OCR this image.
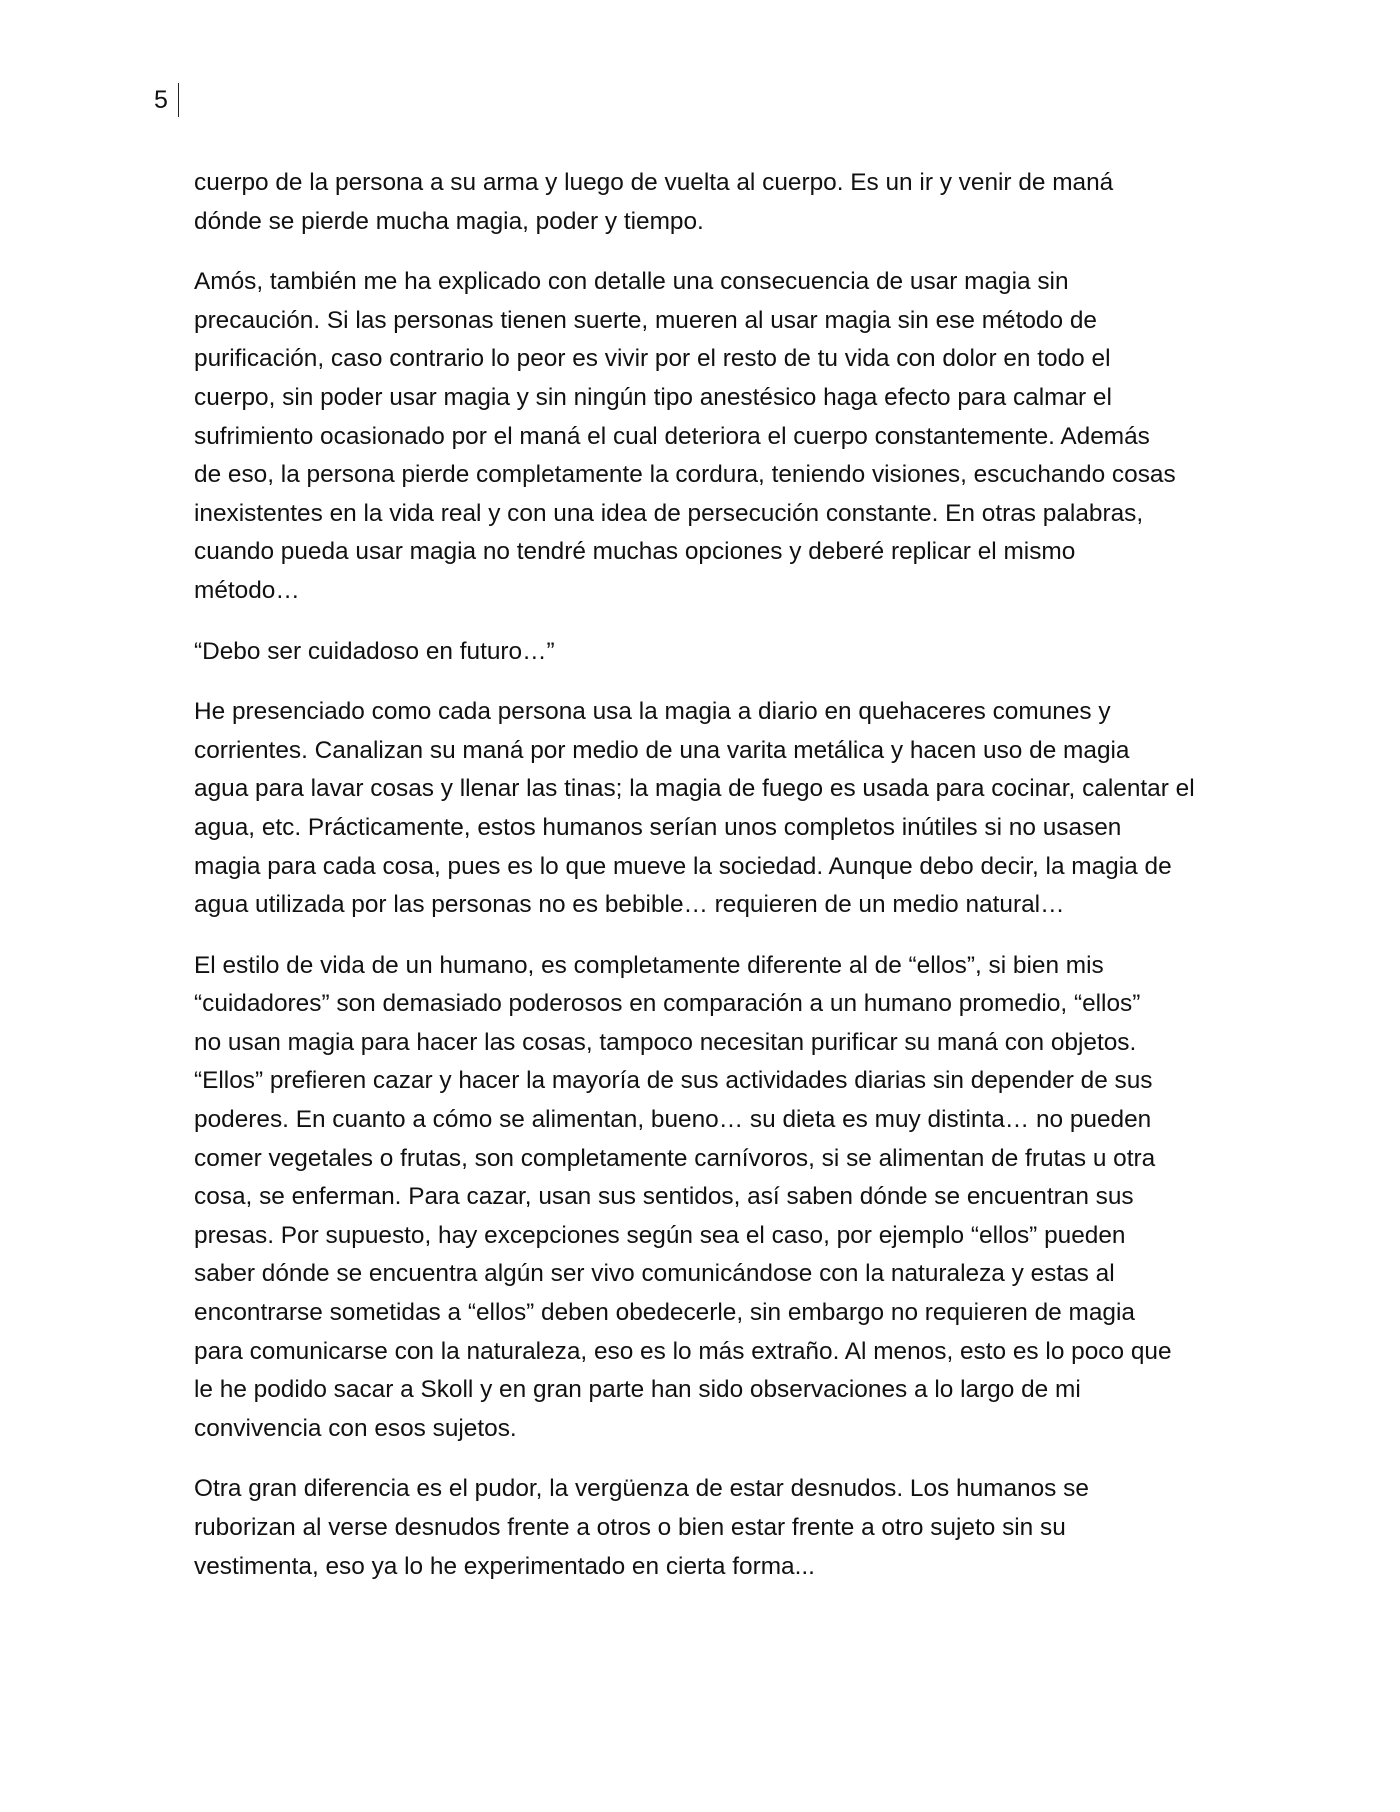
5

cuerpo de la persona a su arma y luego de vuelta al cuerpo. Es un ir y venir de maná
dónde se pierde mucha magia, poder y tiempo.

Amós, también me ha explicado con detalle una consecuencia de usar magia sin
precaución. Si las personas tienen suerte, mueren al usar magia sin ese método de
purificación, caso contrario lo peor es vivir por el resto de tu vida con dolor en todo el
cuerpo, sin poder usar magia y sin ningún tipo anestésico haga efecto para calmar el
sufrimiento ocasionado por el maná el cual deteriora el cuerpo constantemente. Además
de eso, la persona pierde completamente la cordura, teniendo visiones, escuchando cosas
inexistentes en la vida real y con una idea de persecución constante. En otras palabras,
cuando pueda usar magia no tendré muchas opciones y deberé replicar el mismo
método…

“Debo ser cuidadoso en futuro…”

He presenciado como cada persona usa la magia a diario en quehaceres comunes y
corrientes. Canalizan su maná por medio de una varita metálica y hacen uso de magia
agua para lavar cosas y llenar las tinas; la magia de fuego es usada para cocinar, calentar el
agua, etc. Prácticamente, estos humanos serían unos completos inútiles si no usasen
magia para cada cosa, pues es lo que mueve la sociedad. Aunque debo decir, la magia de
agua utilizada por las personas no es bebible… requieren de un medio natural…

El estilo de vida de un humano, es completamente diferente al de “ellos”, si bien mis
“cuidadores” son demasiado poderosos en comparación a un humano promedio, “ellos”
no usan magia para hacer las cosas, tampoco necesitan purificar su maná con objetos.
“Ellos” prefieren cazar y hacer la mayoría de sus actividades diarias sin depender de sus
poderes. En cuanto a cómo se alimentan, bueno… su dieta es muy distinta… no pueden
comer vegetales o frutas, son completamente carnívoros, si se alimentan de frutas u otra
cosa, se enferman. Para cazar, usan sus sentidos, así saben dónde se encuentran sus
presas. Por supuesto, hay excepciones según sea el caso, por ejemplo “ellos” pueden
saber dónde se encuentra algún ser vivo comunicándose con la naturaleza y estas al
encontrarse sometidas a “ellos” deben obedecerle, sin embargo no requieren de magia
para comunicarse con la naturaleza, eso es lo más extraño. Al menos, esto es lo poco que
le he podido sacar a Skoll y en gran parte han sido observaciones a lo largo de mi
convivencia con esos sujetos.

Otra gran diferencia es el pudor, la vergüenza de estar desnudos. Los humanos se
ruborizan al verse desnudos frente a otros o bien estar frente a otro sujeto sin su
vestimenta, eso ya lo he experimentado en cierta forma...
